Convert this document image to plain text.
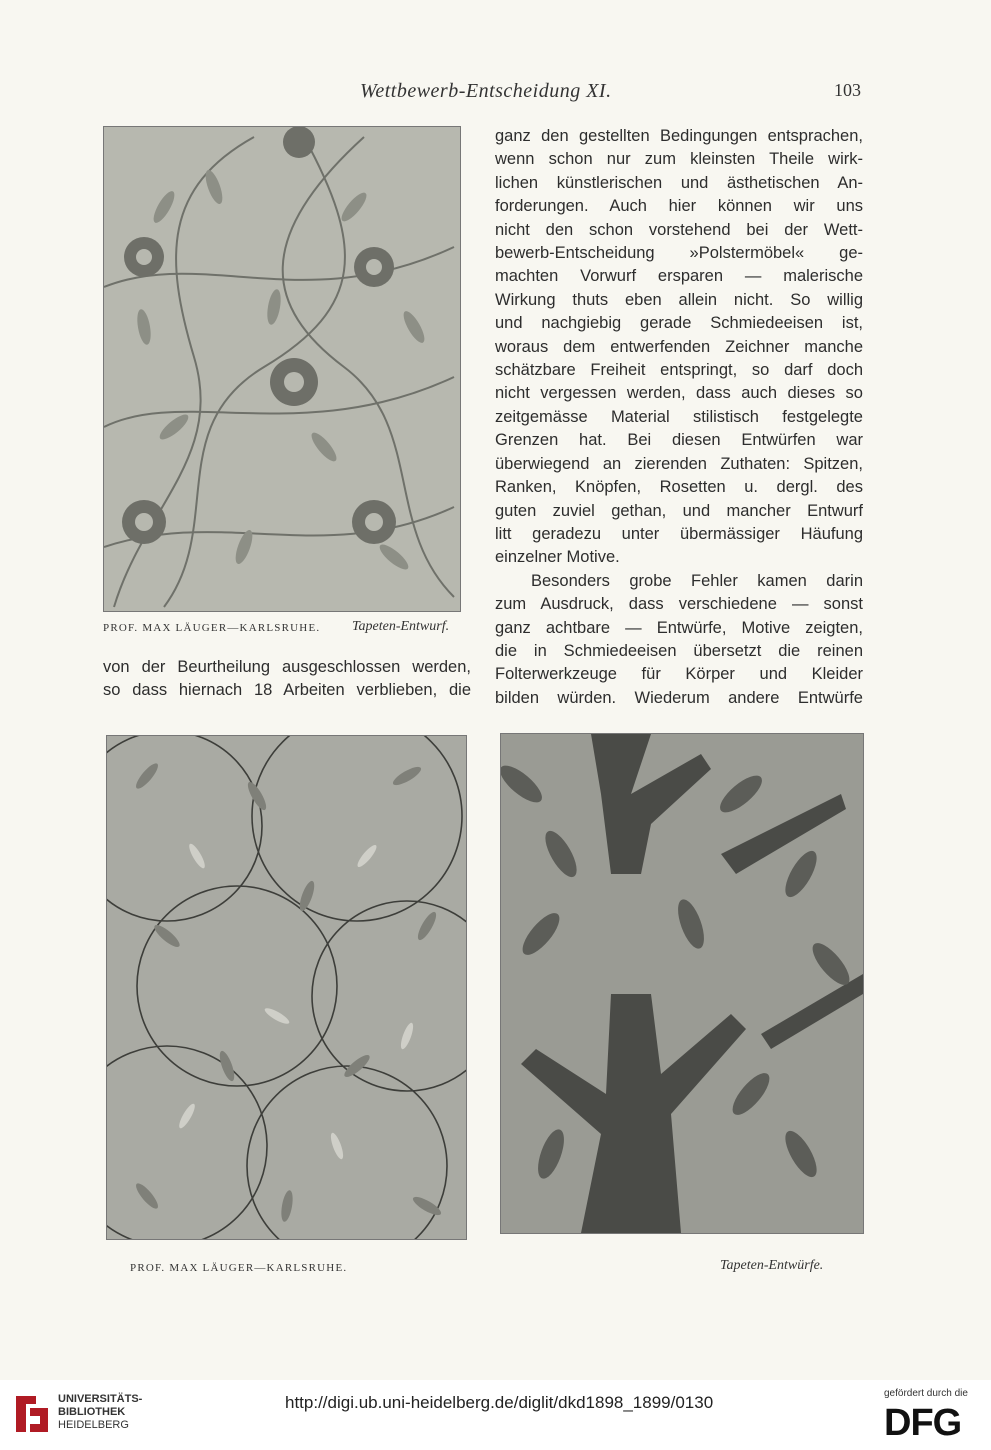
Wettbewerb-Entscheidung XI.	103
PROF. MAX LÄUGER—KARLSRUHE. Tapeten-Entwurf.
ganz den gestellten Bedingungen entsprachen,
wenn schon nur zum kleinsten Theile wirk-
lichen künstlerischen und ästhetischen An-
forderungen. Auch hier können wir uns
nicht den schon vorstehend bei der Wett-
bewerb-Entscheidung »Polstermöbel« ge-
machten Vorwurf ersparen — malerische
Wirkung thuts eben allein nicht. So willig
und nachgiebig gerade Schmiedeeisen ist,
woraus dem entwerfenden Zeichner manche
schätzbare Freiheit entspringt, so darf doch
nicht vergessen werden, dass auch dieses so
zeitgemässe Material stilistisch festgelegte
Grenzen hat. Bei diesen Entwürfen war
überwiegend an zierenden Zuthaten: Spitzen,
Ranken, Knöpfen, Rosetten u. dergl. des
guten zuviel gethan, und mancher Entwurf
litt geradezu unter übermässiger Häufung
einzelner Motive.
Besonders grobe Fehler kamen darin
zum Ausdruck, dass verschiedene — sonst
ganz achtbare — Entwürfe, Motive zeigten,
die in Schmiedeeisen übersetzt die reinen
Folterwerkzeuge für Körper und Kleider
bilden würden. Wiederum andere Entwürfe
von der Beurtheilung ausgeschlossen werden,
so dass hiernach 18 Arbeiten verblieben, die
PROF. MAX LÄUGER—KARLSRUHE.	Tapeten-Entwürfe.
UNIVERSITÄTS-
BIBLIOTHEK
HEIDELBERG
http://digi.ub.uni-heidelberg.de/diglit/dkd1898_1899/0130	gefördert durch die
DFG
